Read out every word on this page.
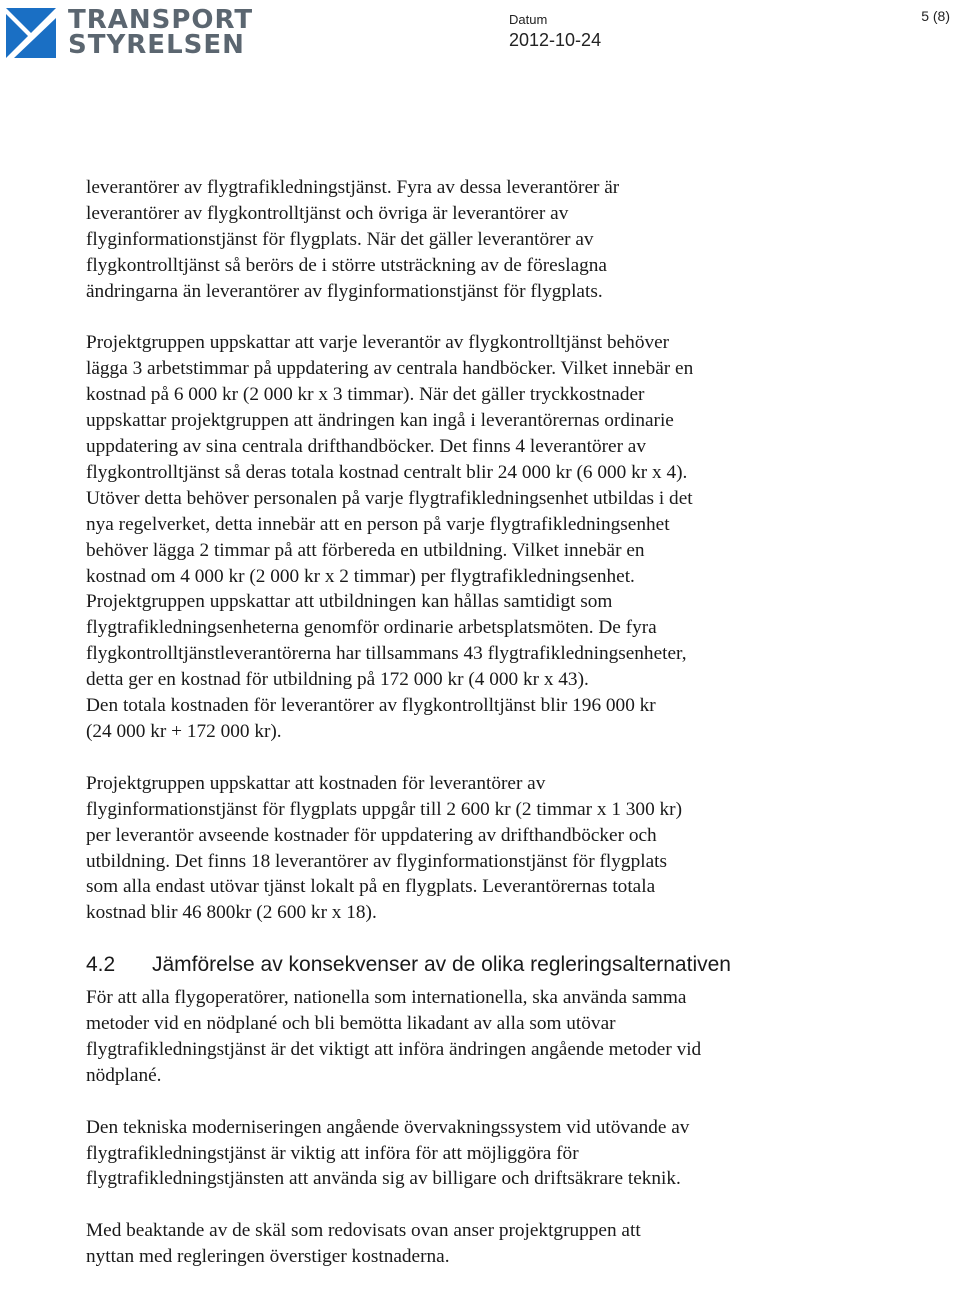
TRANSPORT
STYRELSEN
Datum
2012-10-24
5 (8)

leverantörer av flygtrafikledningstjänst. Fyra av dessa leverantörer är
leverantörer av flygkontrolltjänst och övriga är leverantörer av
flyginformationstjänst för flygplats. När det gäller leverantörer av
flygkontrolltjänst så berörs de i större utsträckning av de föreslagna
ändringarna än leverantörer av flyginformationstjänst för flygplats.

Projektgruppen uppskattar att varje leverantör av flygkontrolltjänst behöver
lägga 3 arbetstimmar på uppdatering av centrala handböcker. Vilket innebär en
kostnad på 6 000 kr (2 000 kr x 3 timmar). När det gäller tryckkostnader
uppskattar projektgruppen att ändringen kan ingå i leverantörernas ordinarie
uppdatering av sina centrala drifthandböcker. Det finns 4 leverantörer av
flygkontrolltjänst så deras totala kostnad centralt blir 24 000 kr (6 000 kr x 4).
Utöver detta behöver personalen på varje flygtrafikledningsenhet utbildas i det
nya regelverket, detta innebär att en person på varje flygtrafikledningsenhet
behöver lägga 2 timmar på att förbereda en utbildning. Vilket innebär en
kostnad om 4 000 kr (2 000 kr x 2 timmar) per flygtrafikledningsenhet.
Projektgruppen uppskattar att utbildningen kan hållas samtidigt som
flygtrafikledningsenheterna genomför ordinarie arbetsplatsmöten. De fyra
flygkontrolltjänstleverantörerna har tillsammans 43 flygtrafikledningsenheter,
detta ger en kostnad för utbildning på 172 000 kr (4 000 kr x 43).
Den totala kostnaden för leverantörer av flygkontrolltjänst blir 196 000 kr
(24 000 kr + 172 000 kr).

Projektgruppen uppskattar att kostnaden för leverantörer av
flyginformationstjänst för flygplats uppgår till 2 600 kr (2 timmar x 1 300 kr)
per leverantör avseende kostnader för uppdatering av drifthandböcker och
utbildning. Det finns 18 leverantörer av flyginformationstjänst för flygplats
som alla endast utövar tjänst lokalt på en flygplats. Leverantörernas totala
kostnad blir 46 800kr (2 600 kr x 18).

4.2 Jämförelse av konsekvenser av de olika regleringsalternativen

För att alla flygoperatörer, nationella som internationella, ska använda samma
metoder vid en nödplané och bli bemötta likadant av alla som utövar
flygtrafikledningstjänst är det viktigt att införa ändringen angående metoder vid
nödplané.

Den tekniska moderniseringen angående övervakningssystem vid utövande av
flygtrafikledningstjänst är viktig att införa för att möjliggöra för
flygtrafikledningstjänsten att använda sig av billigare och driftsäkrare teknik.

Med beaktande av de skäl som redovisats ovan anser projektgruppen att
nyttan med regleringen överstiger kostnaderna.
